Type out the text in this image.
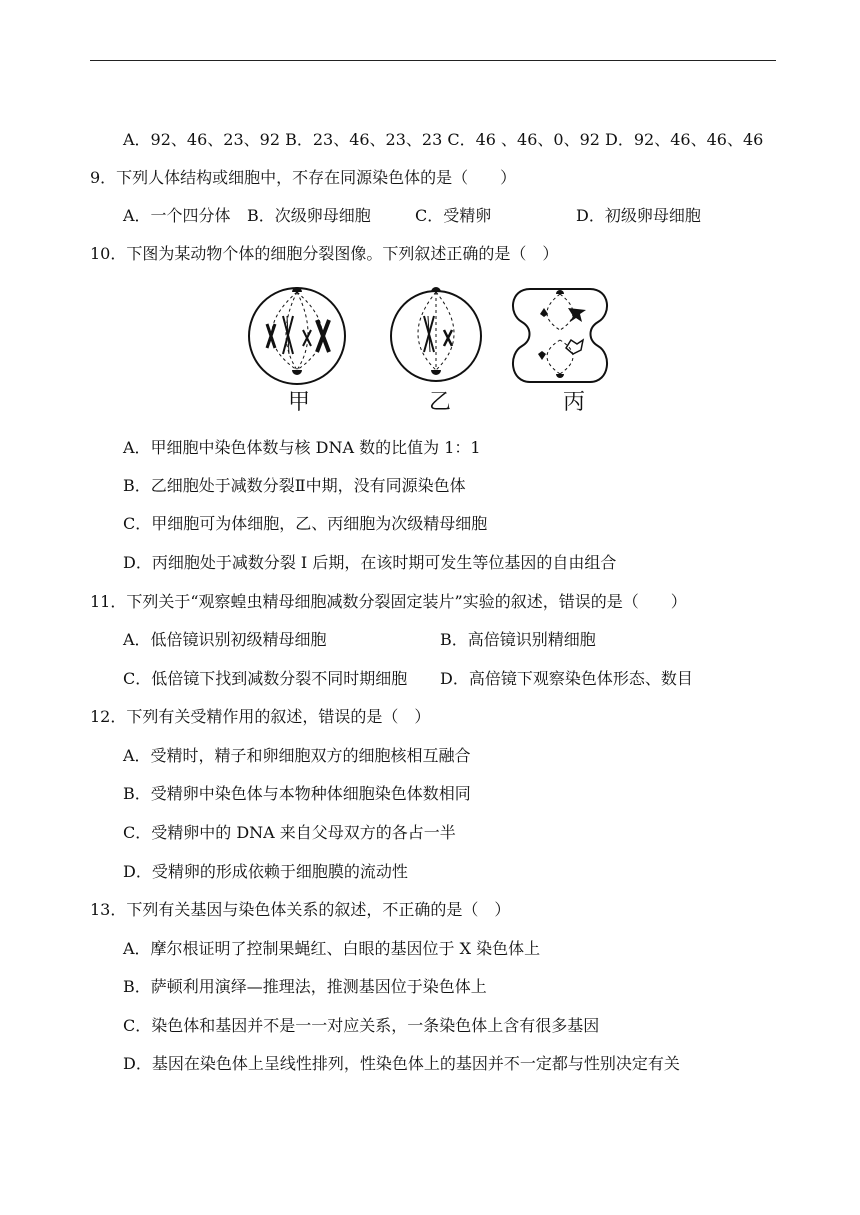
A．92、46、23、92 B．23、46、23、23 C．46 、46、0、92 D．92、46、46、46
9．下列人体结构或细胞中，不存在同源染色体的是（　　）
A．一个四分体 B．次级卵母细胞	C．受精卵	D．初级卵母细胞
10．下图为某动物个体的细胞分裂图像。下列叙述正确的是（　）
甲	乙	丙
A．甲细胞中染色体数与核 DNA 数的比值为 1：1
B．乙细胞处于减数分裂Ⅱ中期，没有同源染色体
C．甲细胞可为体细胞，乙、丙细胞为次级精母细胞
D．丙细胞处于减数分裂 I 后期，在该时期可发生等位基因的自由组合
11．下列关于“观察蝗虫精母细胞减数分裂固定装片”实验的叙述，错误的是（　　）
A．低倍镜识别初级精母细胞	B．高倍镜识别精细胞
C．低倍镜下找到减数分裂不同时期细胞 D．高倍镜下观察染色体形态、数目
12．下列有关受精作用的叙述，错误的是（　）
A．受精时，精子和卵细胞双方的细胞核相互融合
B．受精卵中染色体与本物种体细胞染色体数相同
C．受精卵中的 DNA 来自父母双方的各占一半
D．受精卵的形成依赖于细胞膜的流动性
13．下列有关基因与染色体关系的叙述，不正确的是（　）
A．摩尔根证明了控制果蝇红、白眼的基因位于 X 染色体上
B．萨顿利用演绎—推理法，推测基因位于染色体上
C．染色体和基因并不是一一对应关系，一条染色体上含有很多基因
D．基因在染色体上呈线性排列，性染色体上的基因并不一定都与性别决定有关
